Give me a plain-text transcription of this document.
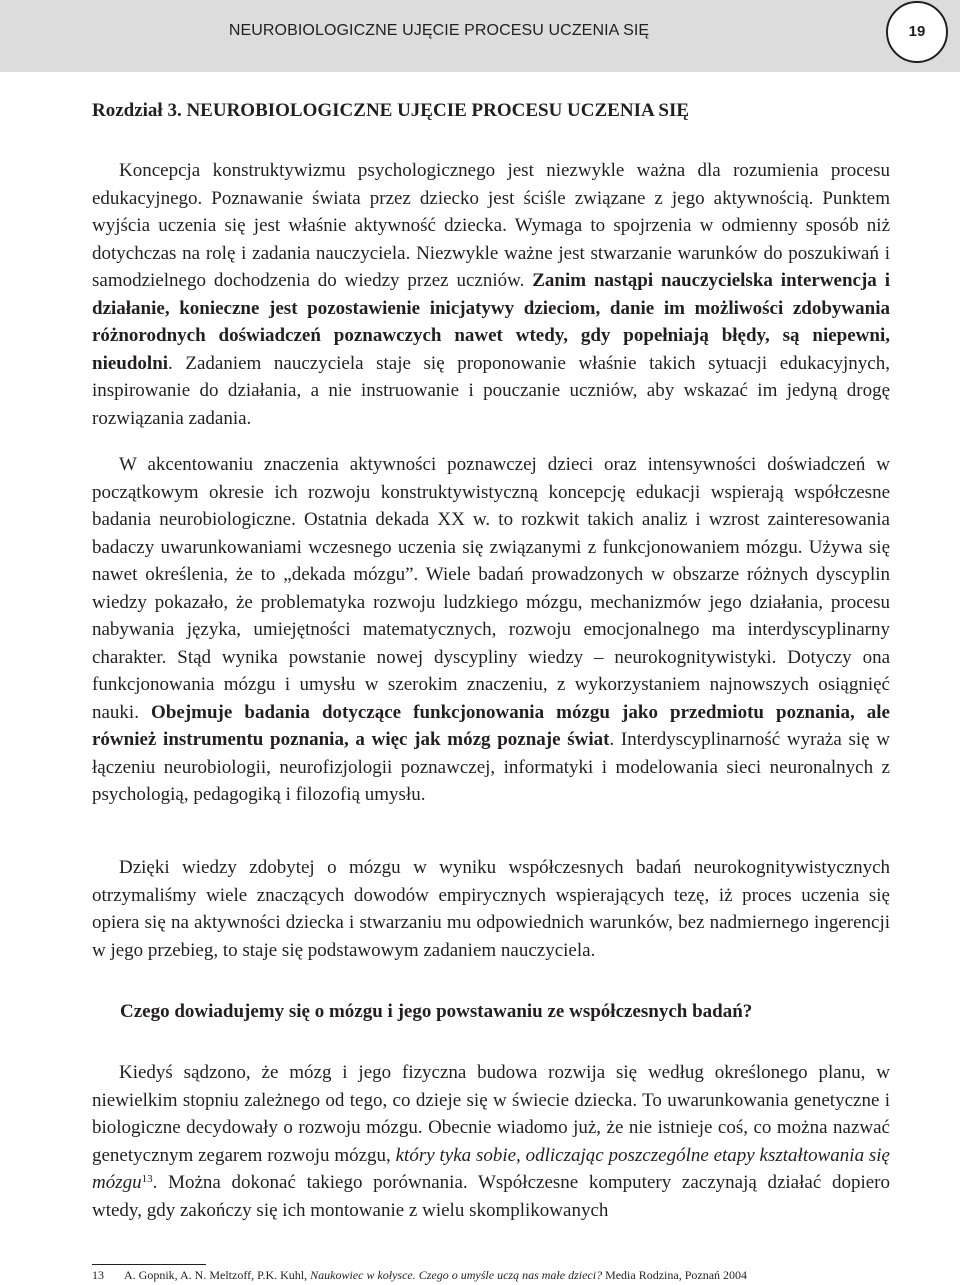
NEUROBIOLOGICZNE UJĘCIE PROCESU UCZENIA SIĘ	19
Rozdział 3. NEUROBIOLOGICZNE UJĘCIE PROCESU UCZENIA SIĘ

Koncepcja konstruktywizmu psychologicznego jest niezwykle ważna dla rozumienia procesu edukacyjnego. Poznawanie świata przez dziecko jest ściśle związane z jego aktywnością. Punktem wyjścia uczenia się jest właśnie aktywność dziecka. Wymaga to spojrzenia w odmienny sposób niż dotychczas na rolę i zadania nauczyciela. Niezwykle ważne jest stwarzanie warunków do poszukiwań i samodzielnego dochodzenia do wiedzy przez uczniów. Zanim nastąpi nauczycielska interwencja i działanie, konieczne jest pozostawienie inicjatywy dzieciom, danie im możliwości zdobywania różnorodnych doświadczeń poznawczych nawet wtedy, gdy popełniają błędy, są niepewni, nieudolni. Zadaniem nauczyciela staje się proponowanie właśnie takich sytuacji edukacyjnych, inspirowanie do działania, a nie instruowanie i pouczanie uczniów, aby wskazać im jedyną drogę rozwiązania zadania.

W akcentowaniu znaczenia aktywności poznawczej dzieci oraz intensywności doświadczeń w początkowym okresie ich rozwoju konstruktywistyczną koncepcję edukacji wspierają współczesne badania neurobiologiczne. Ostatnia dekada XX w. to rozkwit takich analiz i wzrost zainteresowania badaczy uwarunkowaniami wczesnego uczenia się związanymi z funkcjonowaniem mózgu. Używa się nawet określenia, że to „dekada mózgu”. Wiele badań prowadzonych w obszarze różnych dyscyplin wiedzy pokazało, że problematyka rozwoju ludzkiego mózgu, mechanizmów jego działania, procesu nabywania języka, umiejętności matematycznych, rozwoju emocjonalnego ma interdyscyplinarny charakter. Stąd wynika powstanie nowej dyscypliny wiedzy – neurokognitywistyki. Dotyczy ona funkcjonowania mózgu i umysłu w szerokim znaczeniu, z wykorzystaniem najnowszych osiągnięć nauki. Obejmuje badania dotyczące funkcjonowania mózgu jako przedmiotu poznania, ale również instrumentu poznania, a więc jak mózg poznaje świat. Interdyscyplinarność wyraża się w łączeniu neurobiologii, neurofizjologii poznawczej, informatyki i modelowania sieci neuronalnych z psychologią, pedagogiką i filozofią umysłu.

Dzięki wiedzy zdobytej o mózgu w wyniku współczesnych badań neurokognitywistycznych otrzymaliśmy wiele znaczących dowodów empirycznych wspierających tezę, iż proces uczenia się opiera się na aktywności dziecka i stwarzaniu mu odpowiednich warunków, bez nadmiernego ingerencji w jego przebieg, to staje się podstawowym zadaniem nauczyciela.

Czego dowiadujemy się o mózgu i jego powstawaniu ze współczesnych badań?

Kiedyś sądzono, że mózg i jego fizyczna budowa rozwija się według określonego planu, w niewielkim stopniu zależnego od tego, co dzieje się w świecie dziecka. To uwarunkowania genetyczne i biologiczne decydowały o rozwoju mózgu. Obecnie wiadomo już, że nie istnieje coś, co można nazwać genetycznym zegarem rozwoju mózgu, który tyka sobie, odliczając poszczególne etapy kształtowania się mózgu$^{13}$. Można dokonać takiego porównania. Współczesne komputery zaczynają działać dopiero wtedy, gdy zakończy się ich montowanie z wielu skomplikowanych

13 A. Gopnik, A. N. Meltzoff, P.K. Kuhl, Naukowiec w kołysce. Czego o umyśle uczą nas małe dzieci? Media Rodzina, Poznań 2004
